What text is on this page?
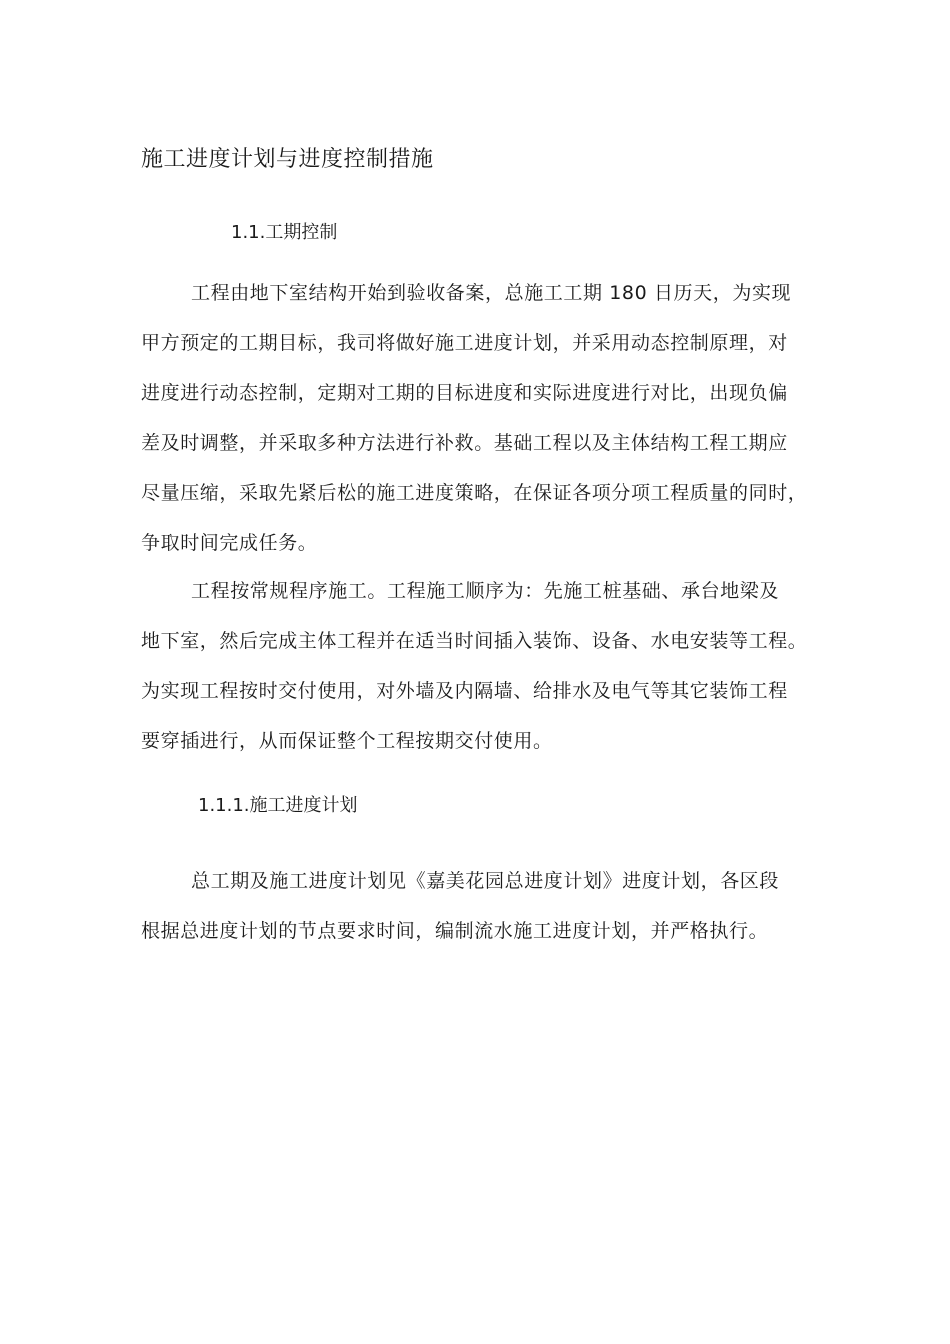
施工进度计划与进度控制措施
1.1.工期控制

工程由地下室结构开始到验收备案，总施工工期 180 日历天，为实现
甲方预定的工期目标，我司将做好施工进度计划，并采用动态控制原理，对
进度进行动态控制，定期对工期的目标进度和实际进度进行对比，出现负偏
差及时调整，并采取多种方法进行补救。基础工程以及主体结构工程工期应
尽量压缩，采取先紧后松的施工进度策略，在保证各项分项工程质量的同时，
争取时间完成任务。

工程按常规程序施工。工程施工顺序为：先施工桩基础、承台地梁及
地下室，然后完成主体工程并在适当时间插入装饰、设备、水电安装等工程。
为实现工程按时交付使用，对外墙及内隔墙、给排水及电气等其它装饰工程
要穿插进行，从而保证整个工程按期交付使用。

1.1.1.施工进度计划

总工期及施工进度计划见《嘉美花园总进度计划》进度计划，各区段
根据总进度计划的节点要求时间，编制流水施工进度计划，并严格执行。
